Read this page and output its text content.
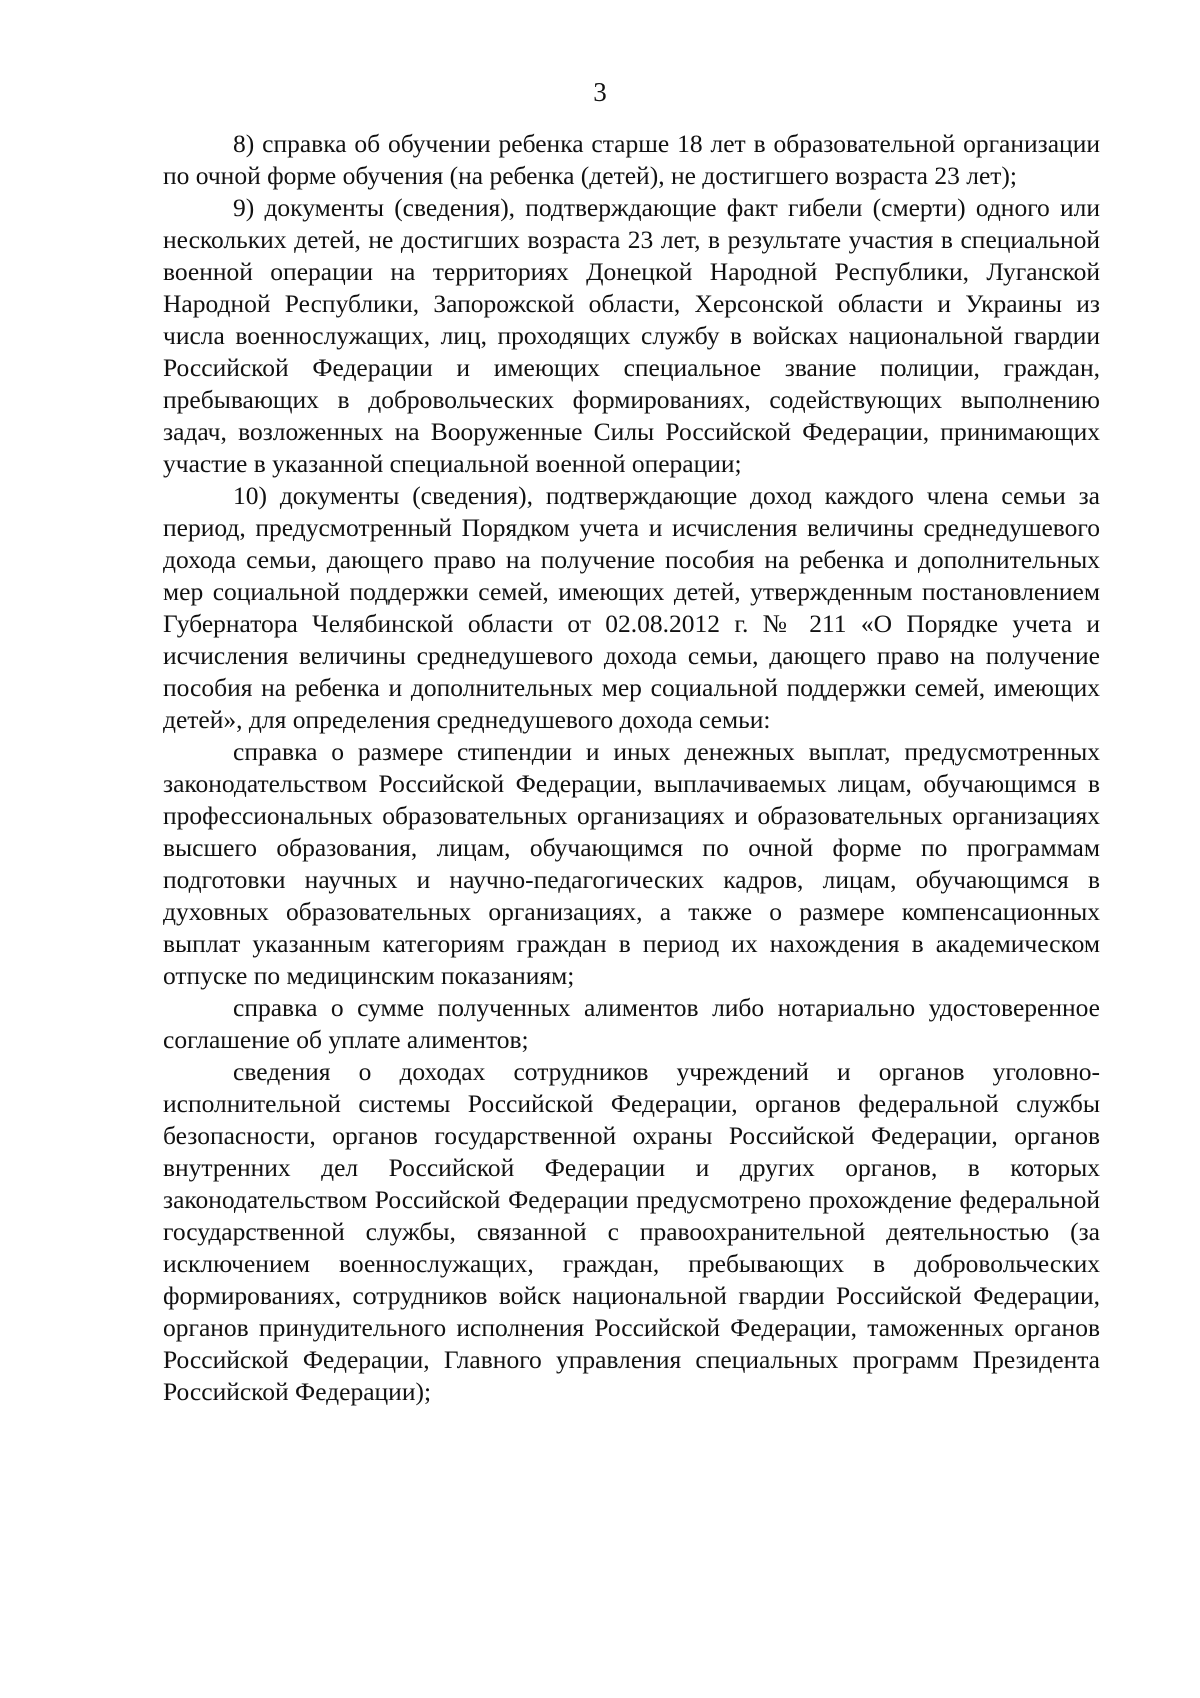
3

8) справка об обучении ребенка старше 18 лет в образовательной организации по очной форме обучения (на ребенка (детей), не достигшего возраста 23 лет);

9) документы (сведения), подтверждающие факт гибели (смерти) одного или нескольких детей, не достигших возраста 23 лет, в результате участия в специальной военной операции на территориях Донецкой Народной Республики, Луганской Народной Республики, Запорожской области, Херсонской области и Украины из числа военнослужащих, лиц, проходящих службу в войсках национальной гвардии Российской Федерации и имеющих специальное звание полиции, граждан, пребывающих в добровольческих формированиях, содействующих выполнению задач, возложенных на Вооруженные Силы Российской Федерации, принимающих участие в указанной специальной военной операции;

10) документы (сведения), подтверждающие доход каждого члена семьи за период, предусмотренный Порядком учета и исчисления величины среднедушевого дохода семьи, дающего право на получение пособия на ребенка и дополнительных мер социальной поддержки семей, имеющих детей, утвержденным постановлением Губернатора Челябинской области от 02.08.2012 г. № 211 «О Порядке учета и исчисления величины среднедушевого дохода семьи, дающего право на получение пособия на ребенка и дополнительных мер социальной поддержки семей, имеющих детей», для определения среднедушевого дохода семьи:

справка о размере стипендии и иных денежных выплат, предусмотренных законодательством Российской Федерации, выплачиваемых лицам, обучающимся в профессиональных образовательных организациях и образовательных организациях высшего образования, лицам, обучающимся по очной форме по программам подготовки научных и научно-педагогических кадров, лицам, обучающимся в духовных образовательных организациях, а также о размере компенсационных выплат указанным категориям граждан в период их нахождения в академическом отпуске по медицинским показаниям;

справка о сумме полученных алиментов либо нотариально удостоверенное соглашение об уплате алиментов;

сведения о доходах сотрудников учреждений и органов уголовно-исполнительной системы Российской Федерации, органов федеральной службы безопасности, органов государственной охраны Российской Федерации, органов внутренних дел Российской Федерации и других органов, в которых законодательством Российской Федерации предусмотрено прохождение федеральной государственной службы, связанной с правоохранительной деятельностью (за исключением военнослужащих, граждан, пребывающих в добровольческих формированиях, сотрудников войск национальной гвардии Российской Федерации, органов принудительного исполнения Российской Федерации, таможенных органов Российской Федерации, Главного управления специальных программ Президента Российской Федерации);
